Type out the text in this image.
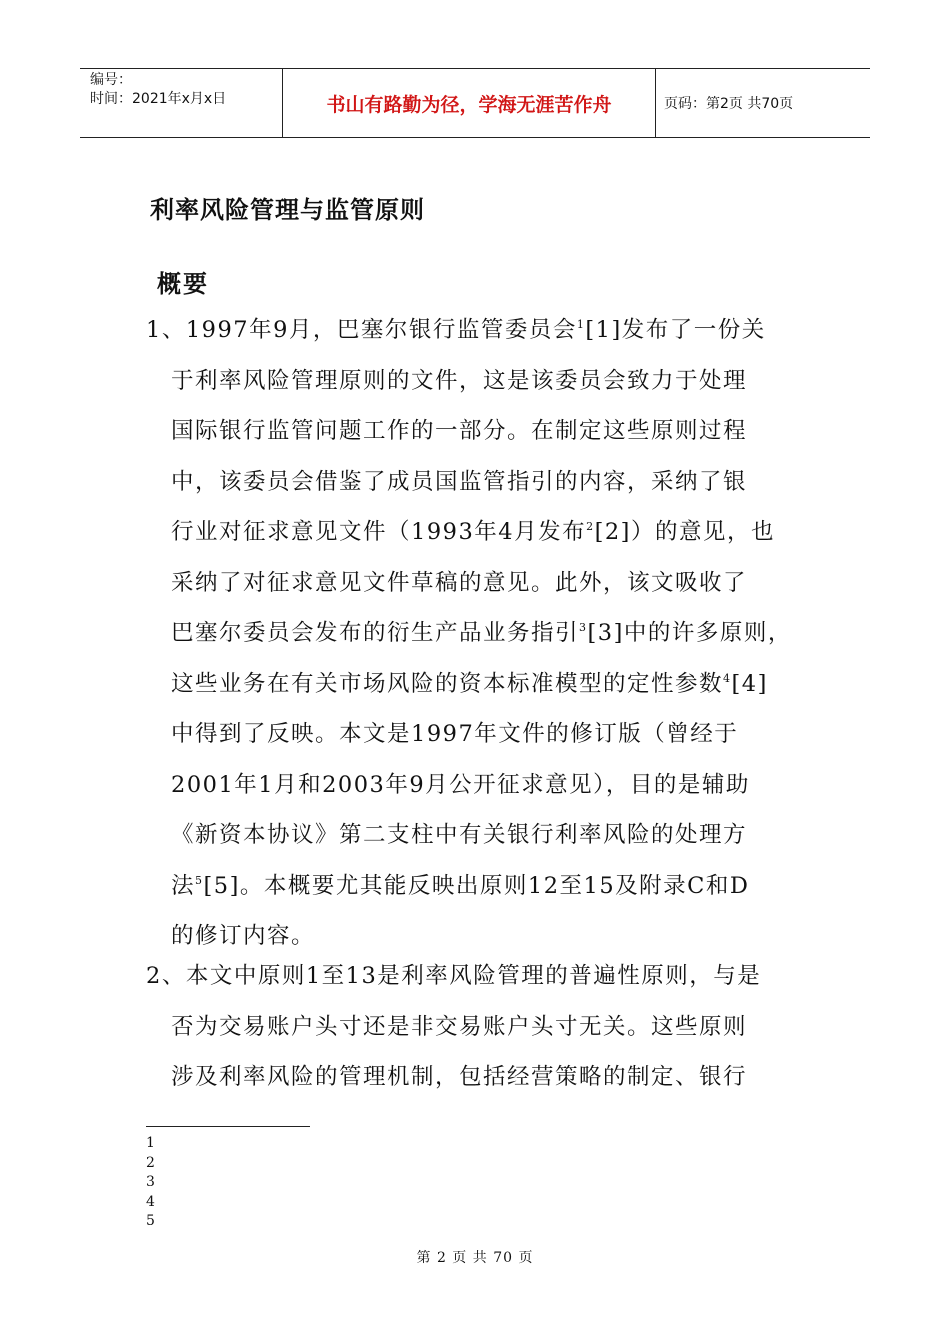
编号：
时间：2021年x月x日	书山有路勤为径，学海无涯苦作舟	页码：第2页 共70页
利率风险管理与监管原则
概要
1、1997年9月，巴塞尔银行监管委员会$^1$[1]发布了一份关
于利率风险管理原则的文件，这是该委员会致力于处理
国际银行监管问题工作的一部分。在制定这些原则过程
中，该委员会借鉴了成员国监管指引的内容，采纳了银
行业对征求意见文件（1993年4月发布$^2$[2]）的意见，也
采纳了对征求意见文件草稿的意见。此外，该文吸收了
巴塞尔委员会发布的衍生产品业务指引$^3$[3]中的许多原则，
这些业务在有关市场风险的资本标准模型的定性参数$^4$[4]
中得到了反映。本文是1997年文件的修订版（曾经于
2001年1月和2003年9月公开征求意见），目的是辅助
《新资本协议》第二支柱中有关银行利率风险的处理方
法$^5$[5]。本概要尤其能反映出原则12至15及附录C和D
的修订内容。
2、本文中原则1至13是利率风险管理的普遍性原则，与是
否为交易账户头寸还是非交易账户头寸无关。这些原则
涉及利率风险的管理机制，包括经营策略的制定、银行
1
2
3
4
5
第 2 页 共 70 页
